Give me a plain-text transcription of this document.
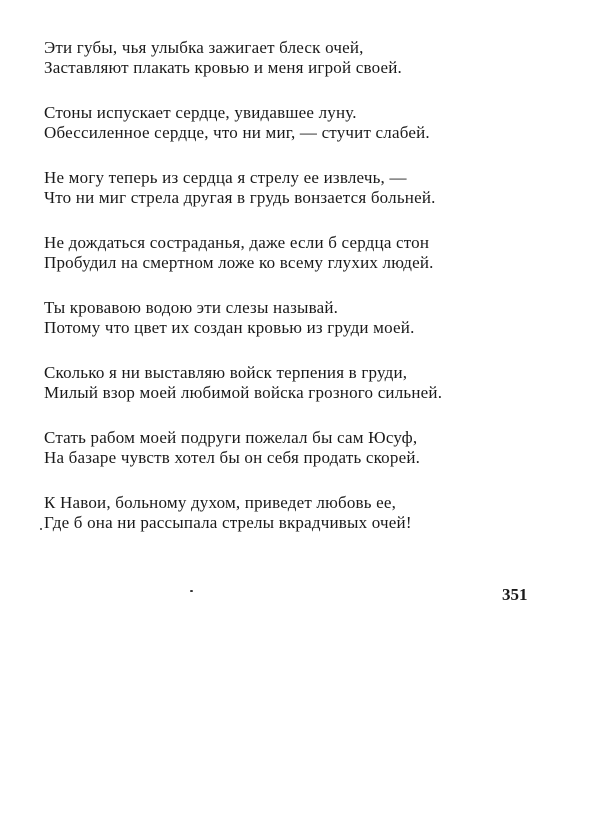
Эти губы, чья улыбка зажигает блеск очей,
Заставляют плакать кровью и меня игрой своей.
Стоны испускает сердце, увидавшее луну.
Обессиленное сердце, что ни миг, — стучит слабей.
Не могу теперь из сердца я стрелу ее извлечь, —
Что ни миг стрела другая в грудь вонзается больней.
Не дождаться состраданья, даже если б сердца стон
Пробудил на смертном ложе ко всему глухих людей.
Ты кровавою водою эти слезы называй.
Потому что цвет их создан кровью из груди моей.
Сколько я ни выставляю войск терпения в груди,
Милый взор моей любимой войска грозного сильней.
Стать рабом моей подруги пожелал бы сам Юсуф,
На базаре чувств хотел бы он себя продать скорей.
К Навои, больному духом, приведет любовь ее,
Где б она ни рассыпала стрелы вкрадчивых очей!
351
